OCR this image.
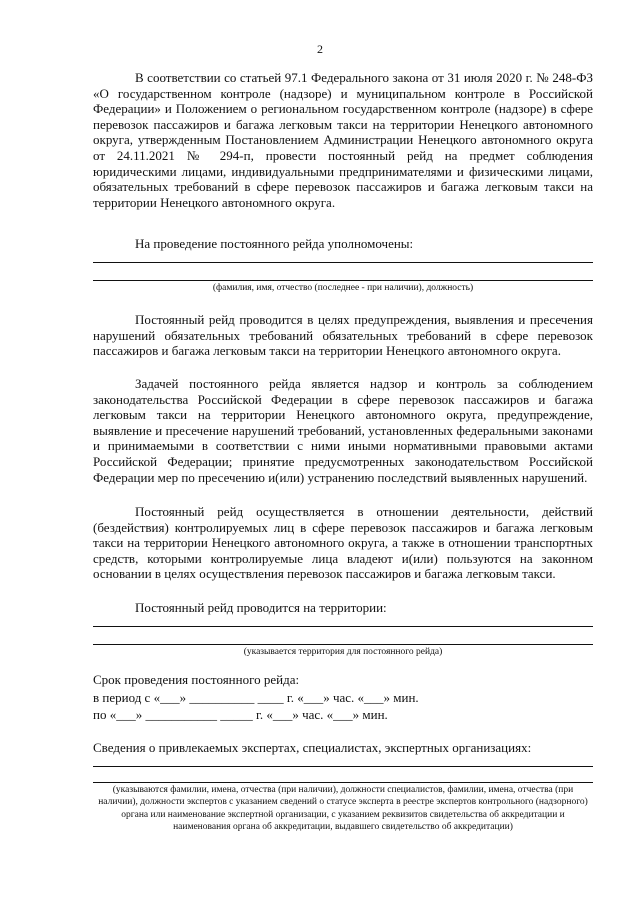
2
В соответствии со статьей 97.1 Федерального закона от 31 июля 2020 г. № 248-ФЗ «О государственном контроле (надзоре) и муниципальном контроле в Российской Федерации» и Положением о региональном государственном контроле (надзоре) в сфере перевозок пассажиров и багажа легковым такси на территории Ненецкого автономного округа, утвержденным Постановлением Администрации Ненецкого автономного округа от 24.11.2021 № 294-п, провести постоянный рейд на предмет соблюдения юридическими лицами, индивидуальными предпринимателями и физическими лицами, обязательных требований в сфере перевозок пассажиров и багажа легковым такси на территории Ненецкого автономного округа.
На проведение постоянного рейда уполномочены:
(фамилия, имя, отчество (последнее - при наличии), должность)
Постоянный рейд проводится в целях предупреждения, выявления и пресечения нарушений обязательных требований обязательных требований в сфере перевозок пассажиров и багажа легковым такси на территории Ненецкого автономного округа.
Задачей постоянного рейда является надзор и контроль за соблюдением законодательства Российской Федерации в сфере перевозок пассажиров и багажа легковым такси на территории Ненецкого автономного округа, предупреждение, выявление и пресечение нарушений требований, установленных федеральными законами и принимаемыми в соответствии с ними иными нормативными правовыми актами Российской Федерации; принятие предусмотренных законодательством Российской Федерации мер по пресечению и(или) устранению последствий выявленных нарушений.
Постоянный рейд осуществляется в отношении деятельности, действий (бездействия) контролируемых лиц в сфере перевозок пассажиров и багажа легковым такси на территории Ненецкого автономного округа, а также в отношении транспортных средств, которыми контролируемые лица владеют и(или) пользуются на законном основании в целях осуществления перевозок пассажиров и багажа легковым такси.
Постоянный рейд проводится на территории:
(указывается территория для постоянного рейда)
Срок проведения постоянного рейда:
в период с «___» __________ ____ г. «___» час. «___» мин.
по «___» ___________ _____ г. «___» час. «___» мин.
Сведения о привлекаемых экспертах, специалистах, экспертных организациях:
(указываются фамилии, имена, отчества (при наличии), должности специалистов, фамилии, имена, отчества (при наличии), должности экспертов с указанием сведений о статусе эксперта в реестре экспертов контрольного (надзорного) органа или наименование экспертной организации, с указанием реквизитов свидетельства об аккредитации и наименования органа об аккредитации, выдавшего свидетельство об аккредитации)
